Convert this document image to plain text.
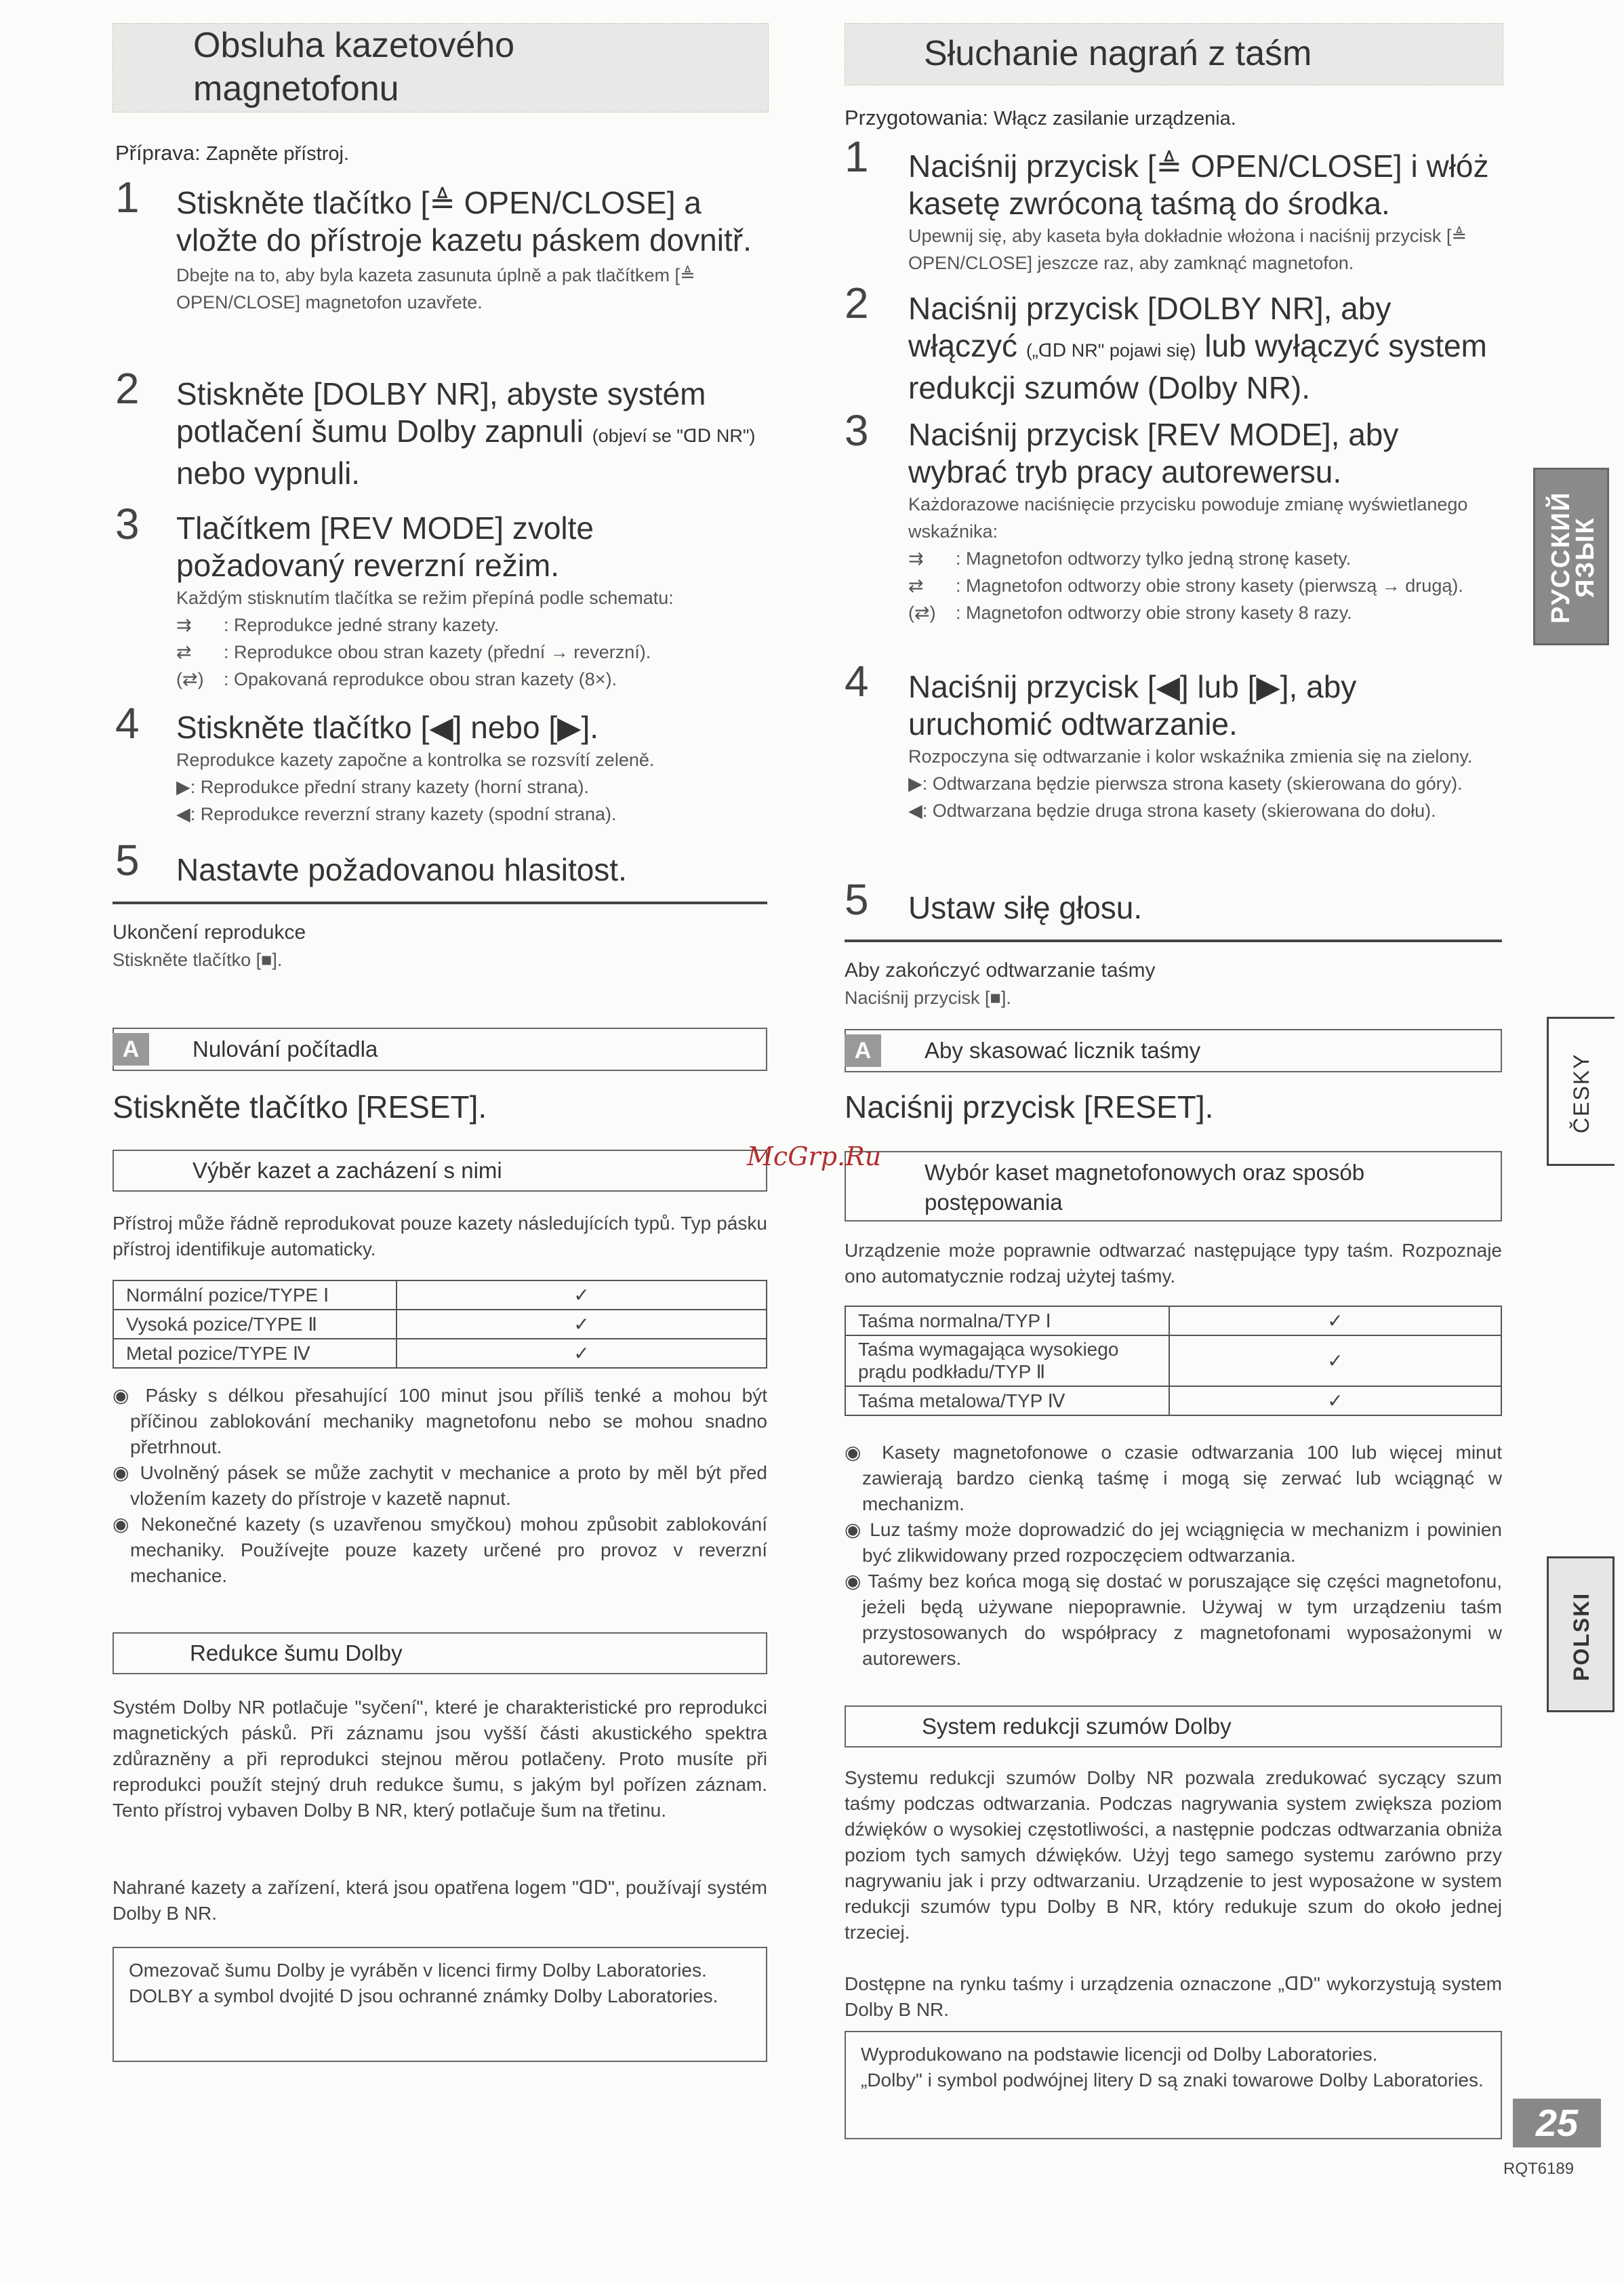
Obsluha kazetového
magnetofonu
Příprava: Zapněte přístroj.
1 Stiskněte tlačítko [≜ OPEN/CLOSE] a vložte do přístroje kazetu páskem dovnitř.
Dbejte na to, aby byla kazeta zasunuta úplně a pak tlačítkem [≜ OPEN/CLOSE] magnetofon uzavřete.
2 Stiskněte [DOLBY NR], abyste systém potlačení šumu Dolby zapnuli (objeví se "ᗡᗞ NR") nebo vypnuli.
3 Tlačítkem [REV MODE] zvolte požadovaný reverzní režim.
Každým stisknutím tlačítka se režim přepíná podle schematu:
⇉ : Reprodukce jedné strany kazety.
⇄ : Reprodukce obou stran kazety (přední → reverzní).
(⇄) : Opakovaná reprodukce obou stran kazety (8×).
4 Stiskněte tlačítko [◀] nebo [▶].
Reprodukce kazety započne a kontrolka se rozsvítí zeleně.
▶: Reprodukce přední strany kazety (horní strana).
◀: Reprodukce reverzní strany kazety (spodní strana).
5 Nastavte požadovanou hlasitost.
Ukončení reprodukce
Stiskněte tlačítko [■].
A	Nulování počítadla
Stiskněte tlačítko [RESET].
Výběr kazet a zacházení s nimi
Přístroj může řádně reprodukovat pouze kazety následujících typů. Typ pásku přístroj identifikuje automaticky.
Normální pozice/TYPE Ⅰ	✓
Vysoká pozice/TYPE Ⅱ	✓
Metal pozice/TYPE Ⅳ	✓
◉ Pásky s délkou přesahující 100 minut jsou příliš tenké a mohou být příčinou zablokování mechaniky magnetofonu nebo se mohou snadno přetrhnout.
◉ Uvolněný pásek se může zachytit v mechanice a proto by měl být před vložením kazety do přístroje v kazetě napnut.
◉ Nekonečné kazety (s uzavřenou smyčkou) mohou způsobit zablokování mechaniky. Používejte pouze kazety určené pro provoz v reverzní mechanice.
Redukce šumu Dolby
Systém Dolby NR potlačuje "syčení", které je charakteristické pro reprodukci magnetických pásků. Při záznamu jsou vyšší části akustického spektra zdůrazněny a při reprodukci stejnou měrou potlačeny. Proto musíte při reprodukci použít stejný druh redukce šumu, s jakým byl pořízen záznam. Tento přístroj vybaven Dolby B NR, který potlačuje šum na třetinu.
Nahrané kazety a zařízení, která jsou opatřena logem "ᗡᗞ", používají systém Dolby B NR.
Omezovač šumu Dolby je vyráběn v licenci firmy Dolby Laboratories.
DOLBY a symbol dvojité D jsou ochranné známky Dolby Laboratories.
Słuchanie nagrań z taśm
Przygotowania: Włącz zasilanie urządzenia.
1 Naciśnij przycisk [≜ OPEN/CLOSE] i włóż kasetę zwróconą taśmą do środka.
Upewnij się, aby kaseta była dokładnie włożona i naciśnij przycisk [≜ OPEN/CLOSE] jeszcze raz, aby zamknąć magnetofon.
2 Naciśnij przycisk [DOLBY NR], aby włączyć („ᗡᗞ NR" pojawi się) lub wyłączyć system redukcji szumów (Dolby NR).
3 Naciśnij przycisk [REV MODE], aby wybrać tryb pracy autorewersu.
Każdorazowe naciśnięcie przycisku powoduje zmianę wyświetlanego wskaźnika:
⇉ : Magnetofon odtworzy tylko jedną stronę kasety.
⇄ : Magnetofon odtworzy obie strony kasety (pierwszą → drugą).
(⇄) : Magnetofon odtworzy obie strony kasety 8 razy.
4 Naciśnij przycisk [◀] lub [▶], aby uruchomić odtwarzanie.
Rozpoczyna się odtwarzanie i kolor wskaźnika zmienia się na zielony.
▶: Odtwarzana będzie pierwsza strona kasety (skierowana do góry).
◀: Odtwarzana będzie druga strona kasety (skierowana do dołu).
5 Ustaw siłę głosu.
Aby zakończyć odtwarzanie taśmy
Naciśnij przycisk [■].
A	Aby skasować licznik taśmy
Naciśnij przycisk [RESET].
Wybór kaset magnetofonowych oraz sposób postępowania
Urządzenie może poprawnie odtwarzać następujące typy taśm. Rozpoznaje ono automatycznie rodzaj użytej taśmy.
Taśma normalna/TYP Ⅰ	✓
Taśma wymagająca wysokiego prądu podkładu/TYP Ⅱ	✓
Taśma metalowa/TYP Ⅳ	✓
◉ Kasety magnetofonowe o czasie odtwarzania 100 lub więcej minut zawierają bardzo cienką taśmę i mogą się zerwać lub wciągnąć w mechanizm.
◉ Luz taśmy może doprowadzić do jej wciągnięcia w mechanizm i powinien być zlikwidowany przed rozpoczęciem odtwarzania.
◉ Taśmy bez końca mogą się dostać w poruszające się części magnetofonu, jeżeli będą używane niepoprawnie. Używaj w tym urządzeniu taśm przystosowanych do współpracy z magnetofonami wyposażonymi w autorewers.
System redukcji szumów Dolby
Systemu redukcji szumów Dolby NR pozwala zredukować syczący szum taśmy podczas odtwarzania. Podczas nagrywania system zwiększa poziom dźwięków o wysokiej częstotliwości, a następnie podczas odtwarzania obniża poziom tych samych dźwięków. Użyj tego samego systemu zarówno przy nagrywaniu jak i przy odtwarzaniu. Urządzenie to jest wyposażone w system redukcji szumów typu Dolby B NR, który redukuje szum do około jednej trzeciej.
Dostępne na rynku taśmy i urządzenia oznaczone „ᗡᗞ" wykorzystują system Dolby B NR.
Wyprodukowano na podstawie licencji od Dolby Laboratories.
„Dolby" i symbol podwójnej litery D są znaki towarowe Dolby Laboratories.
РУССКИЙ ЯЗЫК
ČESKY
POLSKI
McGrp.Ru
25
RQT6189
